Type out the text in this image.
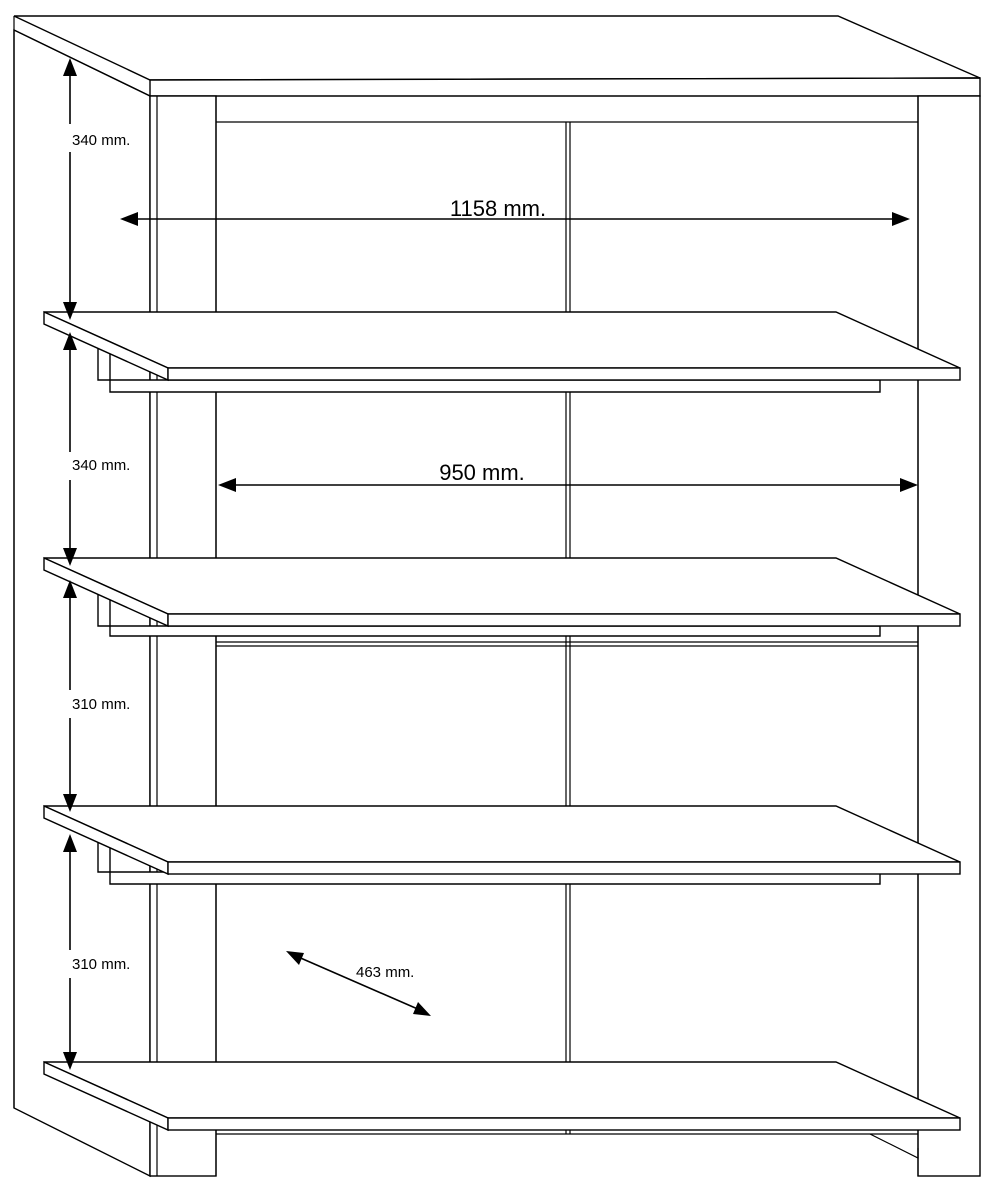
340 mm.
340 mm.
310 mm.
310 mm.
1158 mm.
950 mm.
463 mm.
